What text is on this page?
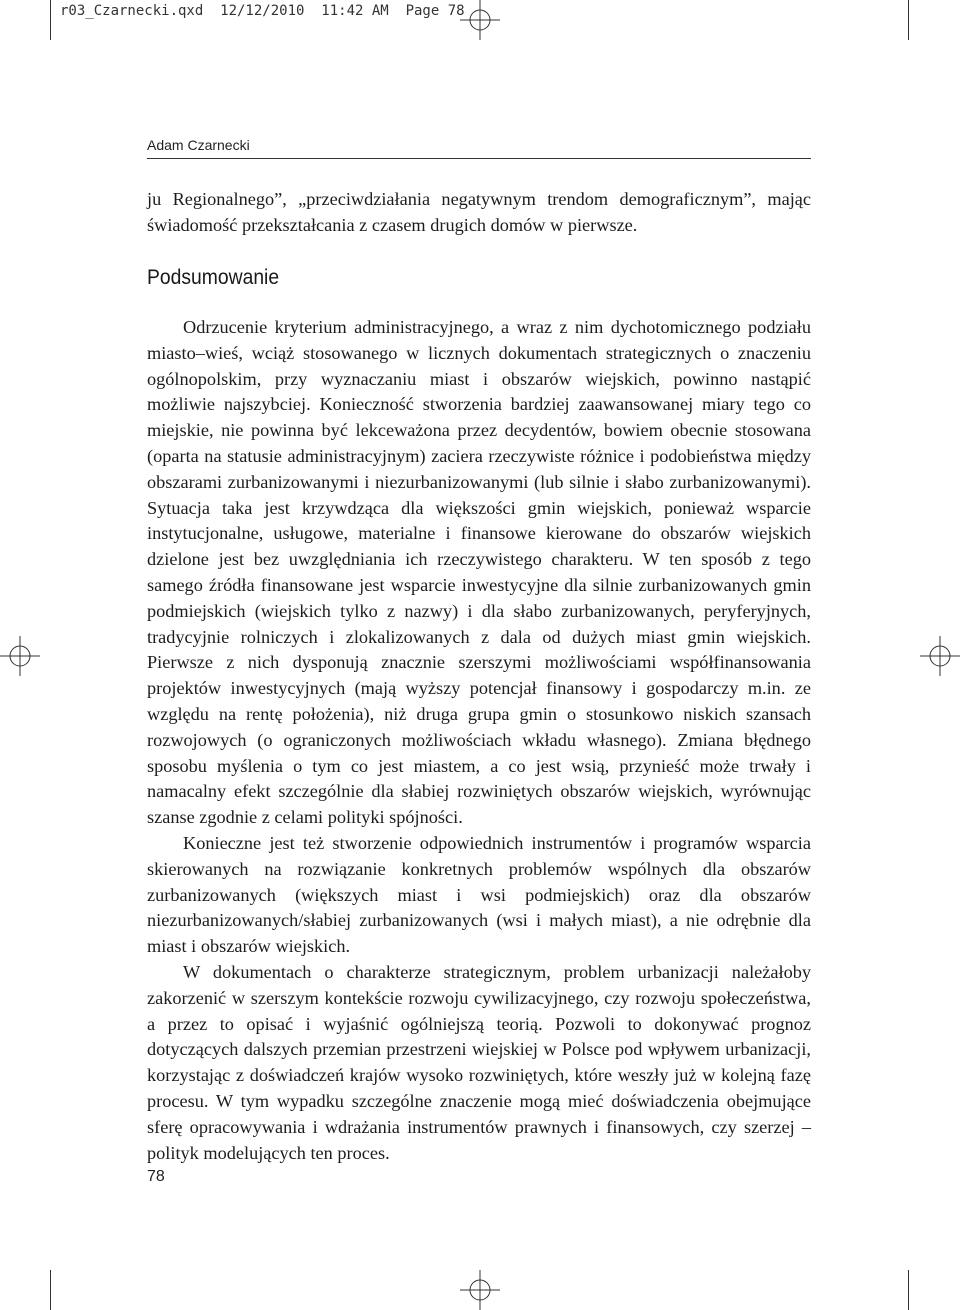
r03_Czarnecki.qxd  12/12/2010  11:42 AM  Page 78
Adam Czarnecki

ju Regionalnego”, „przeciwdziałania negatywnym trendom demograficznym”, mając świadomość przekształcania z czasem drugich domów w pierwsze.

Podsumowanie

Odrzucenie kryterium administracyjnego, a wraz z nim dychotomicznego podziału miasto–wieś, wciąż stosowanego w licznych dokumentach strategicznych o znaczeniu ogólnopolskim, przy wyznaczaniu miast i obszarów wiejskich, powinno nastąpić możliwie najszybciej. Konieczność stworzenia bardziej zaawansowanej miary tego co miejskie, nie powinna być lekceważona przez decydentów, bowiem obecnie stosowana (oparta na statusie administracyjnym) zaciera rzeczywiste różnice i podobieństwa między obszarami zurbanizowanymi i niezurbanizowanymi (lub silnie i słabo zurbanizowanymi). Sytuacja taka jest krzywdząca dla większości gmin wiejskich, ponieważ wsparcie instytucjonalne, usługowe, materialne i finansowe kierowane do obszarów wiejskich dzielone jest bez uwzględniania ich rzeczywistego charakteru. W ten sposób z tego samego źródła finansowane jest wsparcie inwestycyjne dla silnie zurbanizowanych gmin podmiejskich (wiejskich tylko z nazwy) i dla słabo zurbanizowanych, peryferyjnych, tradycyjnie rolniczych i zlokalizowanych z dala od dużych miast gmin wiejskich. Pierwsze z nich dysponują znacznie szerszymi możliwościami współfinansowania projektów inwestycyjnych (mają wyższy potencjał finansowy i gospodarczy m.in. ze względu na rentę położenia), niż druga grupa gmin o stosunkowo niskich szansach rozwojowych (o ograniczonych możliwościach wkładu własnego). Zmiana błędnego sposobu myślenia o tym co jest miastem, a co jest wsią, przynieść może trwały i namacalny efekt szczególnie dla słabiej rozwiniętych obszarów wiejskich, wyrównując szanse zgodnie z celami polityki spójności.

Konieczne jest też stworzenie odpowiednich instrumentów i programów wsparcia skierowanych na rozwiązanie konkretnych problemów wspólnych dla obszarów zurbanizowanych (większych miast i wsi podmiejskich) oraz dla obszarów niezurbanizowanych/słabiej zurbanizowanych (wsi i małych miast), a nie odrębnie dla miast i obszarów wiejskich.

W dokumentach o charakterze strategicznym, problem urbanizacji należałoby zakorzenić w szerszym kontekście rozwoju cywilizacyjnego, czy rozwoju społeczeństwa, a przez to opisać i wyjaśnić ogólniejszą teorią. Pozwoli to dokonywać prognoz dotyczących dalszych przemian przestrzeni wiejskiej w Polsce pod wpływem urbanizacji, korzystając z doświadczeń krajów wysoko rozwiniętych, które weszły już w kolejną fazę procesu. W tym wypadku szczególne znaczenie mogą mieć doświadczenia obejmujące sferę opracowywania i wdrażania instrumentów prawnych i finansowych, czy szerzej – polityk modelujących ten proces.

78
